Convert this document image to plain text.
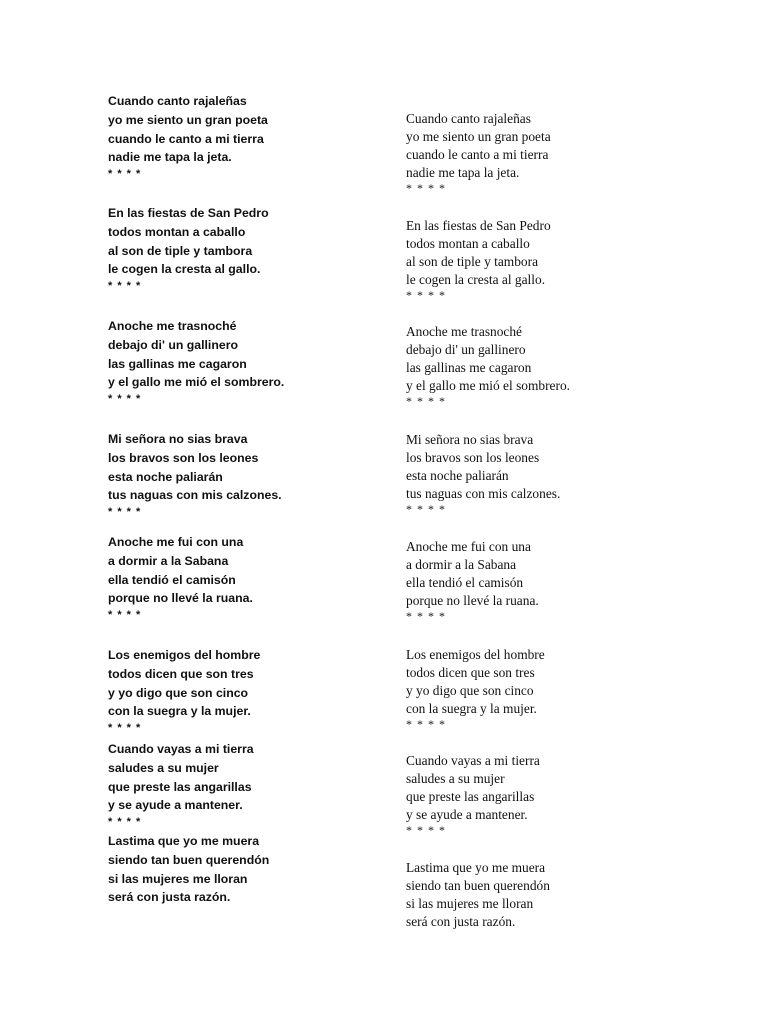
Cuando canto rajaleñas
yo me siento un gran poeta
cuando le canto a mi tierra
nadie me tapa la jeta.
* * * *
En las fiestas de San Pedro
todos montan a caballo
al son de tiple y tambora
le cogen la cresta al gallo.
* * * *
Anoche me trasnoché
debajo di' un gallinero
las gallinas me cagaron
y el gallo me mió el sombrero.
* * * *
Mi señora no sias brava
los bravos son los leones
esta noche paliarán
tus naguas con mis calzones.
* * * *
Anoche me fui con una
a dormir a la Sabana
ella tendió el camisón
porque no llevé la ruana.
* * * *
Los enemigos del hombre
todos dicen que son tres
y yo digo que son cinco
con la suegra y la mujer.
* * * *
Cuando vayas a mi tierra
saludes a su mujer
que preste las angarillas
y se ayude a mantener.
* * * *
Lastima que yo me muera
siendo tan buen querendón
si las mujeres me lloran
será con justa razón.
Cuando canto rajaleñas
yo me siento un gran poeta
cuando le canto a mi tierra
nadie me tapa la jeta.
* * * *
En las fiestas de San Pedro
todos montan a caballo
al son de tiple y tambora
le cogen la cresta al gallo.
* * * *
Anoche me trasnoché
debajo di' un gallinero
las gallinas me cagaron
y el gallo me mió el sombrero.
* * * *
Mi señora no sias brava
los bravos son los leones
esta noche paliarán
tus naguas con mis calzones.
* * * *
Anoche me fui con una
a dormir a la Sabana
ella tendió el camisón
porque no llevé la ruana.
* * * *
Los enemigos del hombre
todos dicen que son tres
y yo digo que son cinco
con la suegra y la mujer.
* * * *
Cuando vayas a mi tierra
saludes a su mujer
que preste las angarillas
y se ayude a mantener.
* * * *
Lastima que yo me muera
siendo tan buen querendón
si las mujeres me lloran
será con justa razón.
